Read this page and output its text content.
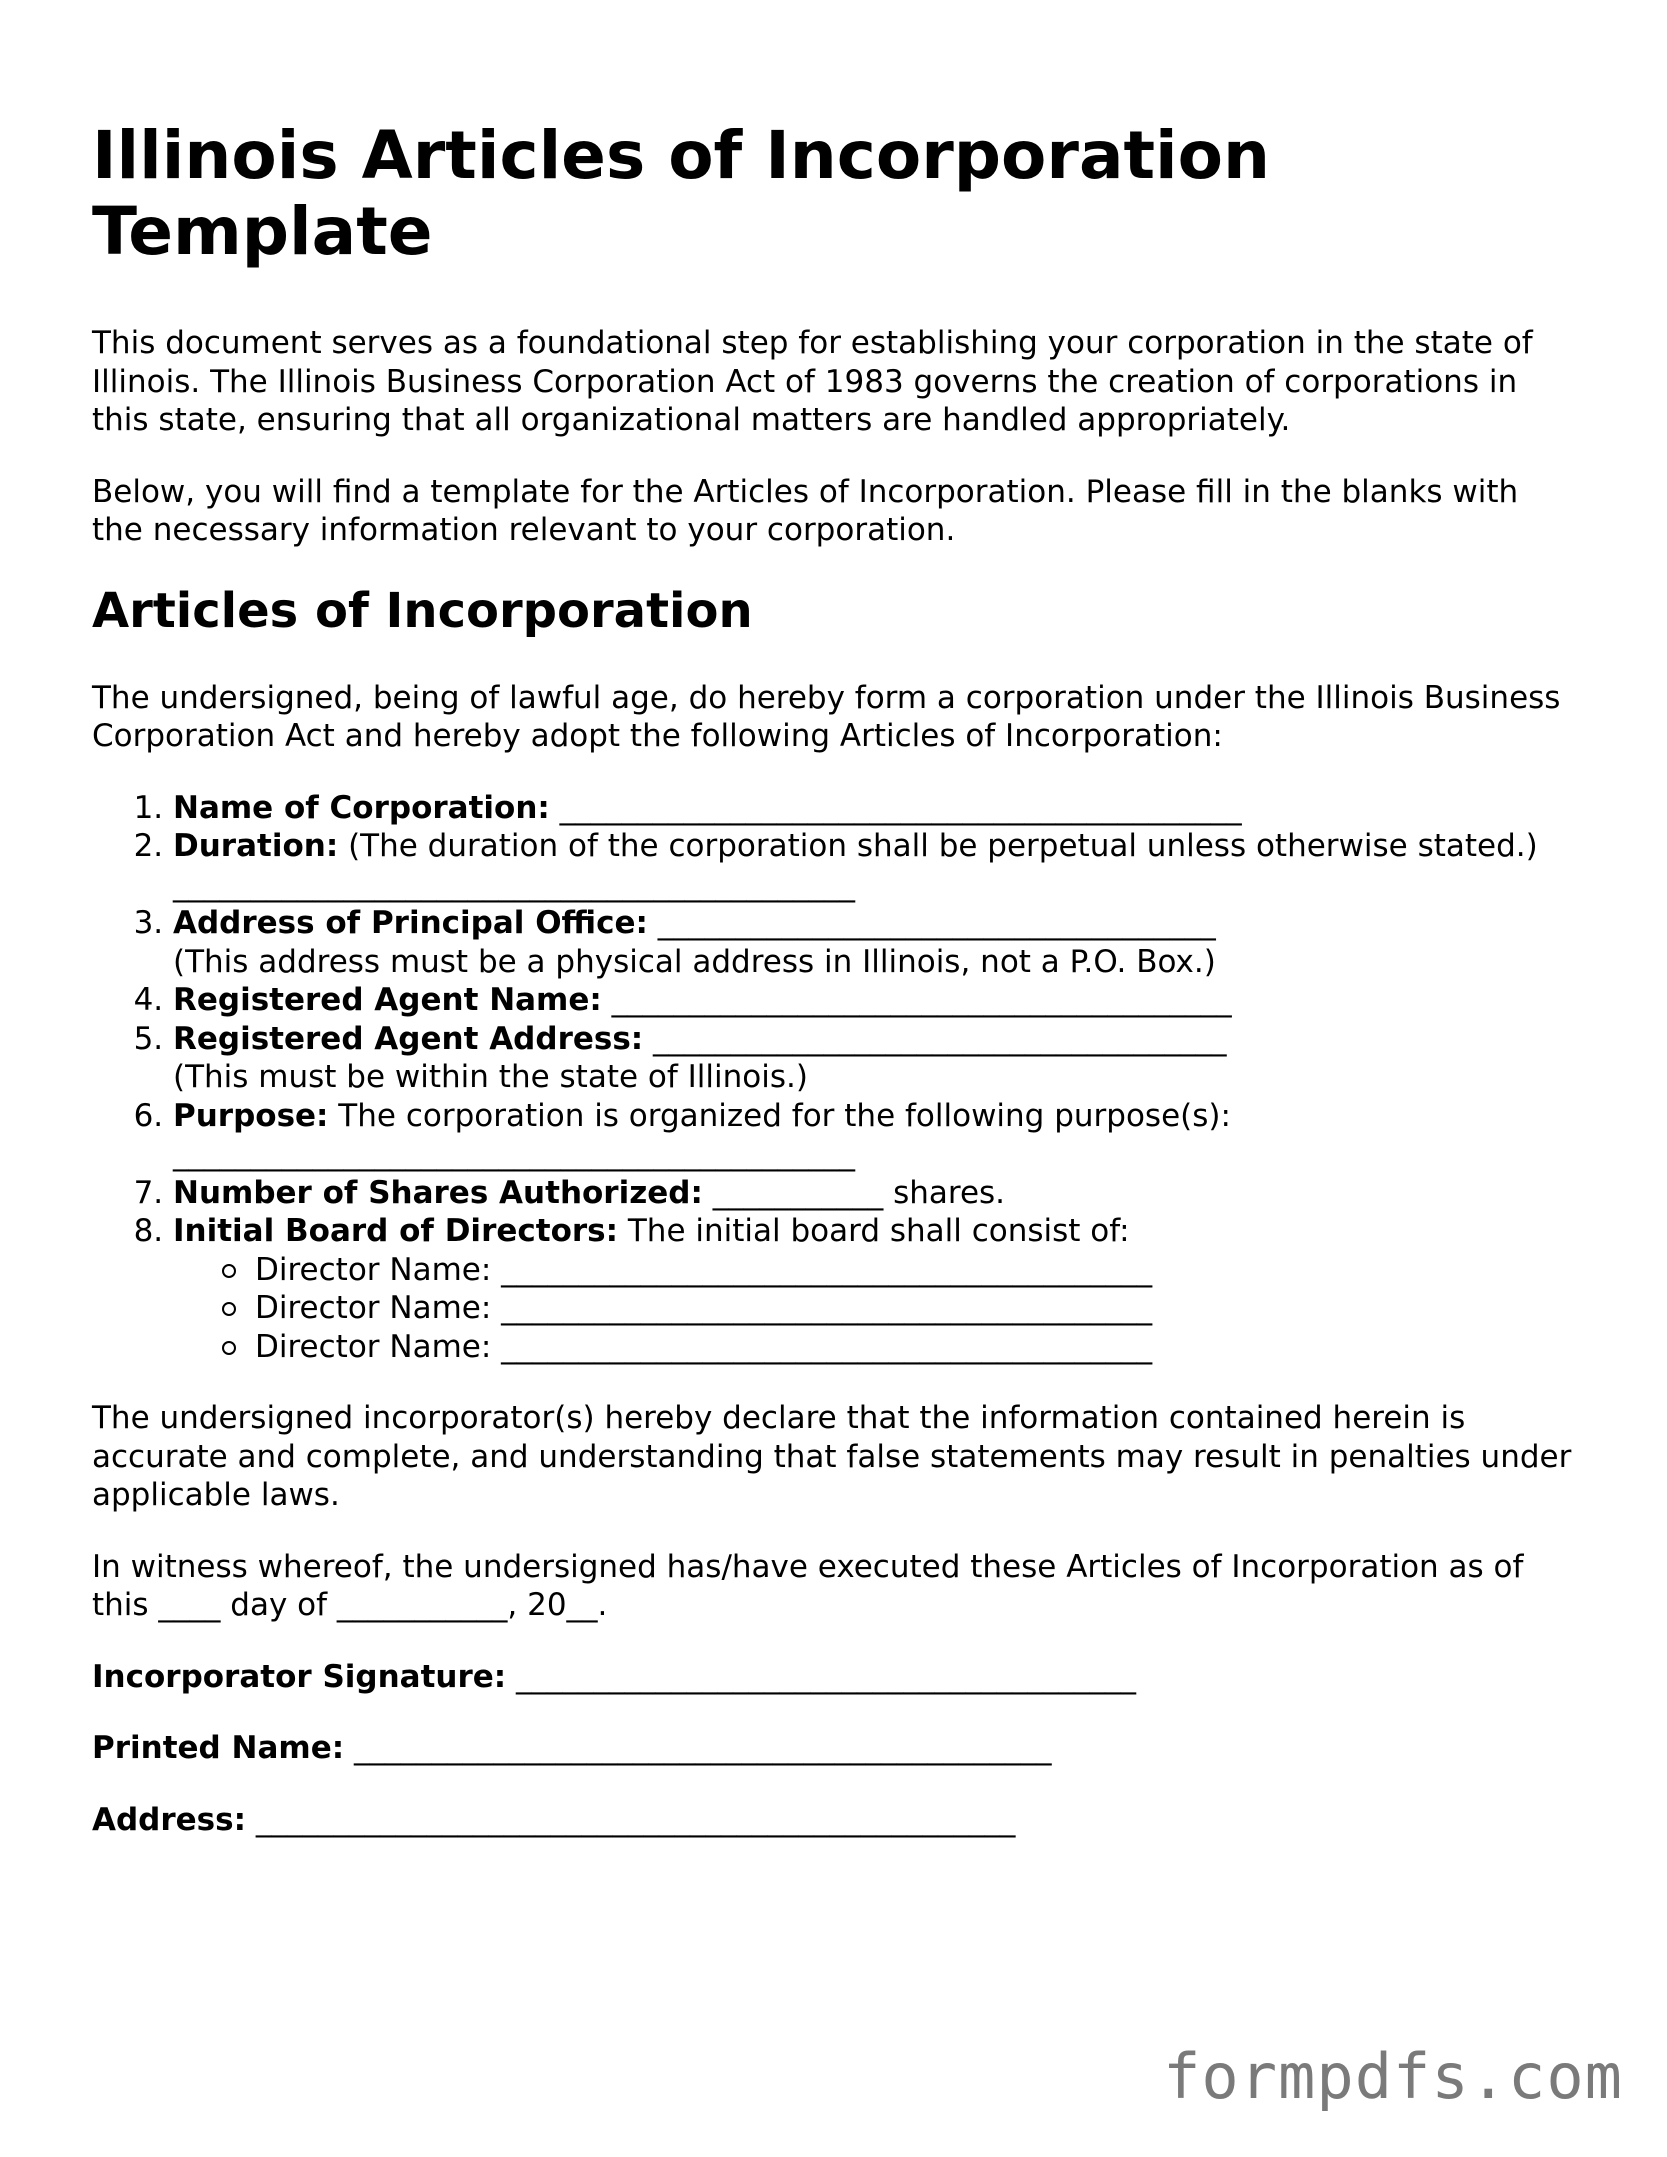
Illinois Articles of Incorporation Template

This document serves as a foundational step for establishing your corporation in the state of Illinois. The Illinois Business Corporation Act of 1983 governs the creation of corporations in this state, ensuring that all organizational matters are handled appropriately.

Below, you will find a template for the Articles of Incorporation. Please fill in the blanks with the necessary information relevant to your corporation.

Articles of Incorporation

The undersigned, being of lawful age, do hereby form a corporation under the Illinois Business Corporation Act and hereby adopt the following Articles of Incorporation:

1. Name of Corporation: ____________________________________________
2. Duration: (The duration of the corporation shall be perpetual unless otherwise stated.) ____________________________________________
3. Address of Principal Office: ____________________________________
(This address must be a physical address in Illinois, not a P.O. Box.)
4. Registered Agent Name: ________________________________________
5. Registered Agent Address: _____________________________________
(This must be within the state of Illinois.)
6. Purpose: The corporation is organized for the following purpose(s):
____________________________________________
7. Number of Shares Authorized: ___________ shares.
8. Initial Board of Directors: The initial board shall consist of:
Director Name: __________________________________________
Director Name: __________________________________________
Director Name: __________________________________________

The undersigned incorporator(s) hereby declare that the information contained herein is accurate and complete, and understanding that false statements may result in penalties under applicable laws.

In witness whereof, the undersigned has/have executed these Articles of Incorporation as of this ____ day of ___________, 20__.

Incorporator Signature: ________________________________________
Printed Name: _____________________________________________
Address: _________________________________________________
formpdfs.com
